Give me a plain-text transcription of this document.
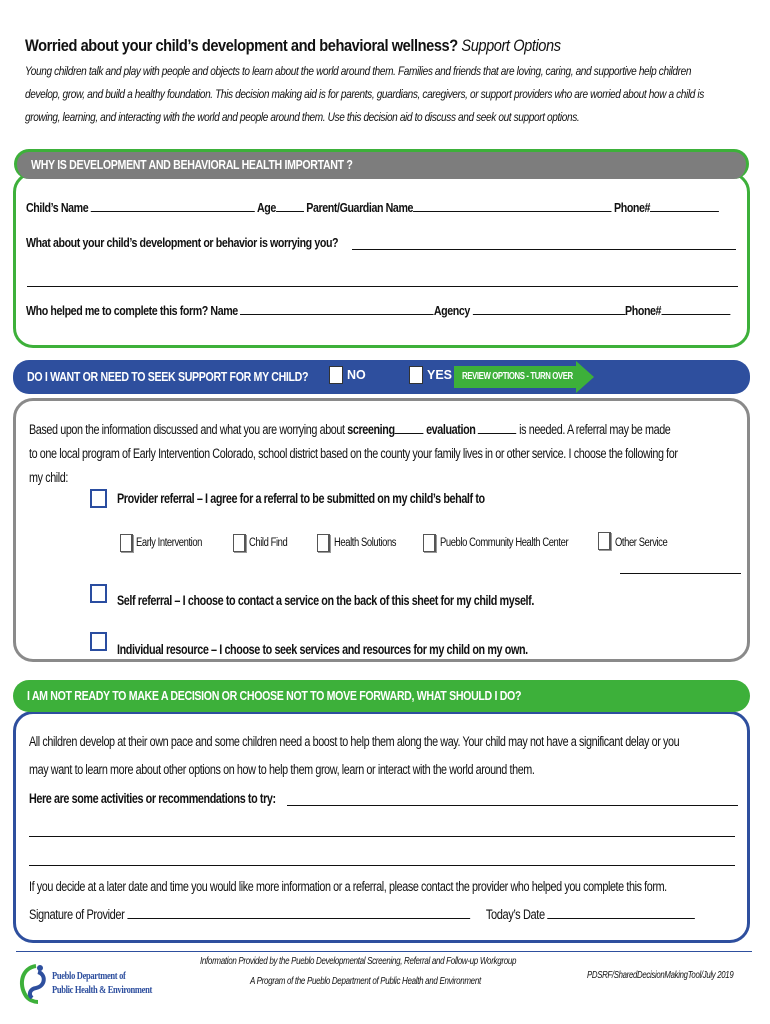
Worried about your child’s development and behavioral wellness? Support Options
Young children talk and play with people and objects to learn about the world around them. Families and friends that are loving, caring, and supportive help children
develop, grow, and build a healthy foundation. This decision making aid is for parents, guardians, caregivers, or support providers who are worried about how a child is
growing, learning, and interacting with the world and people around them. Use this decision aid to discuss and seek out support options.
WHY IS DEVELOPMENT AND BEHAVIORAL HEALTH IMPORTANT ?
Child’s Name	Age Parent/Guardian Name	Phone#
What about your child’s development or behavior is worrying you?
Who helped me to complete this form? Name	Agency	Phone#
DO I WANT OR NEED TO SEEK SUPPORT FOR MY CHILD?	NO	YES REVIEW OPTIONS - TURN OVER
Based upon the information discussed and what you are worrying about screening evaluation	is needed. A referral may be made
to one local program of Early Intervention Colorado, school district based on the county your family lives in or other service. I choose the following for
my child:
Provider referral – I agree for a referral to be submitted on my child’s behalf to
Early Intervention	Child Find	Health Solutions	Pueblo Community Health Center	Other Service
Self referral – I choose to contact a service on the back of this sheet for my child myself.
Individual resource – I choose to seek services and resources for my child on my own.
I AM NOT READY TO MAKE A DECISION OR CHOOSE NOT TO MOVE FORWARD, WHAT SHOULD I DO?
All children develop at their own pace and some children need a boost to help them along the way. Your child may not have a significant delay or you
may want to learn more about other options on how to help them grow, learn or interact with the world around them.
Here are some activities or recommendations to try:
If you decide at a later date and time you would like more information or a referral, please contact the provider who helped you complete this form.
Signature of Provider	Today’s Date
Pueblo Department of
Public Health & Environment
Information Provided by the Pueblo Developmental Screening, Referral and Follow-up Workgroup
A Program of the Pueblo Department of Public Health and Environment
PDSRF/SharedDecisionMakingTool/July 2019
